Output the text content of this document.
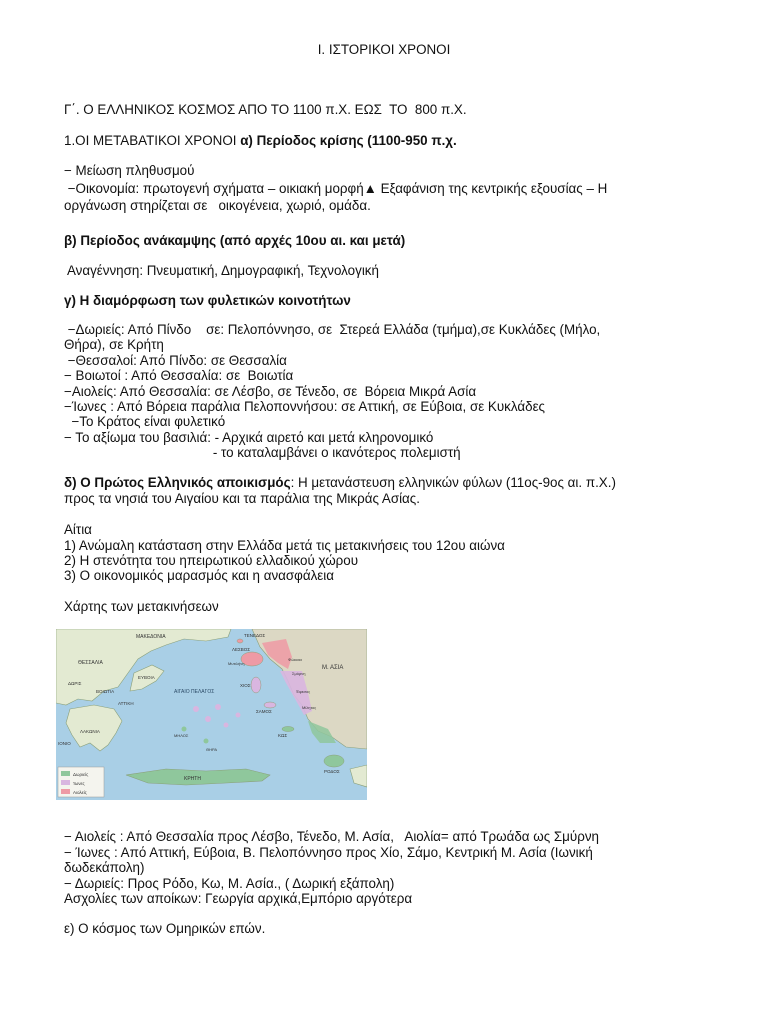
Ι. ΙΣΤΟΡΙΚΟΙ ΧΡΟΝΟΙ
Γ΄. Ο ΕΛΛΗΝΙΚΟΣ ΚΟΣΜΟΣ ΑΠΟ ΤΟ 1100 π.Χ. ΕΩΣ  ΤΟ  800 π.Χ.
1.ΟΙ ΜΕΤΑΒΑΤΙΚΟΙ ΧΡΟΝΟΙ α) Περίοδος κρίσης (1100-950 π.χ.
− Μείωση πληθυσμού
−Οικονομία: πρωτογενή σχήματα – οικιακή μορφή▲ Εξαφάνιση της κεντρικής εξουσίας – Η
οργάνωση στηρίζεται σε   οικογένεια, χωριό, ομάδα.
β) Περίοδος ανάκαμψης (από αρχές 10ου αι. και μετά)
Αναγέννηση: Πνευματική, Δημογραφική, Τεχνολογική
γ) Η διαμόρφωση των φυλετικών κοινοτήτων
−Δωριείς: Από Πίνδο    σε: Πελοπόννησο, σε  Στερεά Ελλάδα (τμήμα),σε Κυκλάδες (Μήλο,
Θήρα), σε Κρήτη
−Θεσσαλοί: Από Πίνδο: σε Θεσσαλία
− Βοιωτοί : Από Θεσσαλία: σε  Βοιωτία
−Αιολείς: Από Θεσσαλία: σε Λέσβο, σε Τένεδο, σε  Βόρεια Μικρά Ασία
−Ίωνες : Από Βόρεια παράλια Πελοποννήσου: σε Αττική, σε Εύβοια, σε Κυκλάδες
−Το Κράτος είναι φυλετικό
− Το αξίωμα του βασιλιά: - Αρχικά αιρετό και μετά κληρονομικό
- το καταλαμβάνει ο ικανότερος πολεμιστή
δ) Ο Πρώτος Ελληνικός αποικισμός: Η μετανάστευση ελληνικών φύλων (11ος-9ος αι. π.Χ.)
προς τα νησιά του Αιγαίου και τα παράλια της Μικράς Ασίας.
Αίτια
1) Ανώμαλη κατάσταση στην Ελλάδα μετά τις μετακινήσεις του 12ου αιώνα
2) Η στενότητα του ηπειρωτικού ελλαδικού χώρου
3) Ο οικονομικός μαρασμός και η ανασφάλεια
Χάρτης των μετακινήσεων
ΜΑΚΕΔΟΝΙΑ
ΘΕΣΣΑΛΙΑ
ΔΩΡΙΣ
ΒΟΙΩΤΙΑ
ΕΥΒΟΙΑ
ΑΤΤΙΚΗ
ΛΑΚΩΝΙΑ
ΙΟΝΙΟ
ΑΙΓΑΙΟ ΠΕΛΑΓΟΣ
ΤΕΝΕΔΟΣ
ΛΕΣΒΟΣ
Μυτιλήνη
Φώκαια
Σμύρνη
ΧΙΟΣ
Έφεσος
ΣΑΜΟΣ
Μίλητος
ΚΩΣ
ΡΟΔΟΣ
Μ. ΑΣΙΑ
ΜΗΛΟΣ
ΘΗΡΑ
ΚΡΗΤΗ
Δωριείς
Ίωνες
Αιολείς
− Αιολείς : Από Θεσσαλία προς Λέσβο, Τένεδο, Μ. Ασία,   Αιολία= από Τρωάδα ως Σμύρνη
− Ίωνες : Από Αττική, Εύβοια, Β. Πελοπόννησο προς Χίο, Σάμο, Κεντρική Μ. Ασία (Ιωνική
δωδεκάπολη)
− Δωριείς: Προς Ρόδο, Κω, Μ. Ασία., ( Δωρική εξάπολη)
Ασχολίες των αποίκων: Γεωργία αρχικά,Εμπόριο αργότερα
ε) Ο κόσμος των Ομηρικών επών.
